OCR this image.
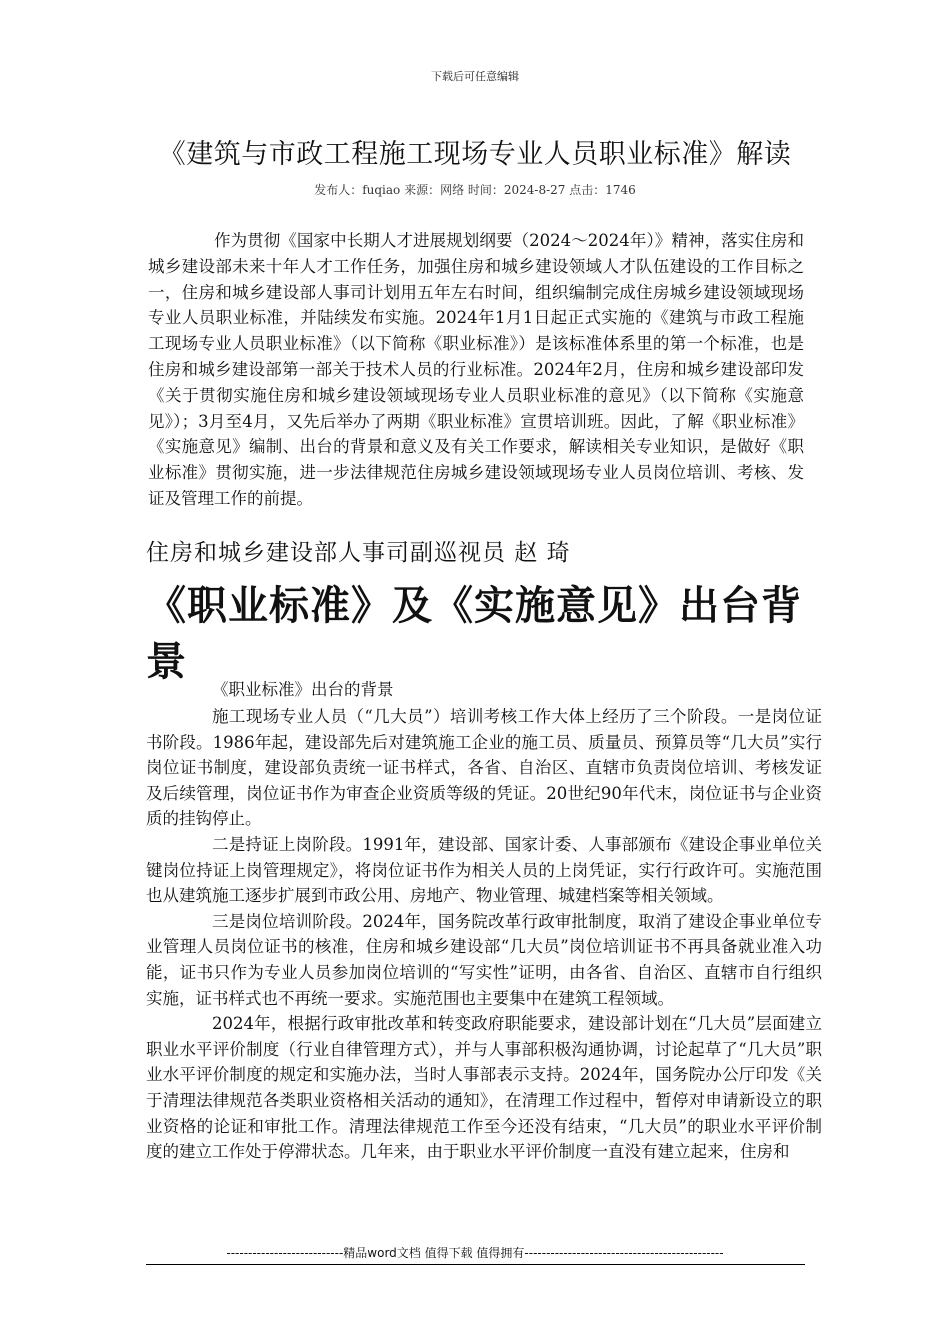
下载后可任意编辑
《建筑与市政工程施工现场专业人员职业标准》解读
发布人：fuqiao 来源：网络 时间：2024-8-27 点击：1746
作为贯彻《国家中长期人才进展规划纲要（2024～2024年）》精神，落实住房和城乡建设部未来十年人才工作任务，加强住房和城乡建设领域人才队伍建设的工作目标之一，住房和城乡建设部人事司计划用五年左右时间，组织编制完成住房城乡建设领域现场专业人员职业标准，并陆续发布实施。2024年1月1日起正式实施的《建筑与市政工程施工现场专业人员职业标准》（以下简称《职业标准》）是该标准体系里的第一个标准，也是住房和城乡建设部第一部关于技术人员的行业标准。2024年2月，住房和城乡建设部印发《关于贯彻实施住房和城乡建设领域现场专业人员职业标准的意见》（以下简称《实施意见》）；3月至4月，又先后举办了两期《职业标准》宣贯培训班。因此，了解《职业标准》《实施意见》编制、出台的背景和意义及有关工作要求，解读相关专业知识，是做好《职业标准》贯彻实施，进一步法律规范住房城乡建设领域现场专业人员岗位培训、考核、发证及管理工作的前提。
住房和城乡建设部人事司副巡视员 赵 琦
《职业标准》及《实施意见》出台背景
《职业标准》出台的背景

施工现场专业人员（“几大员”）培训考核工作大体上经历了三个阶段。一是岗位证书阶段。1986年起，建设部先后对建筑施工企业的施工员、质量员、预算员等“几大员”实行岗位证书制度，建设部负责统一证书样式，各省、自治区、直辖市负责岗位培训、考核发证及后续管理，岗位证书作为审查企业资质等级的凭证。20世纪90年代末，岗位证书与企业资质的挂钩停止。

二是持证上岗阶段。1991年，建设部、国家计委、人事部颁布《建设企事业单位关键岗位持证上岗管理规定》，将岗位证书作为相关人员的上岗凭证，实行行政许可。实施范围也从建筑施工逐步扩展到市政公用、房地产、物业管理、城建档案等相关领域。

三是岗位培训阶段。2024年，国务院改革行政审批制度，取消了建设企事业单位专业管理人员岗位证书的核准，住房和城乡建设部“几大员”岗位培训证书不再具备就业准入功能，证书只作为专业人员参加岗位培训的“写实性”证明，由各省、自治区、直辖市自行组织实施，证书样式也不再统一要求。实施范围也主要集中在建筑工程领域。

2024年，根据行政审批改革和转变政府职能要求，建设部计划在“几大员”层面建立职业水平评价制度（行业自律管理方式），并与人事部积极沟通协调，讨论起草了“几大员”职业水平评价制度的规定和实施办法，当时人事部表示支持。2024年，国务院办公厅印发《关于清理法律规范各类职业资格相关活动的通知》，在清理工作过程中，暂停对申请新设立的职业资格的论证和审批工作。清理法律规范工作至今还没有结束，“几大员”的职业水平评价制度的建立工作处于停滞状态。几年来，由于职业水平评价制度一直没有建立起来，住房和

---------------------------精品word文档 值得下载 值得拥有----------------------------------------------
